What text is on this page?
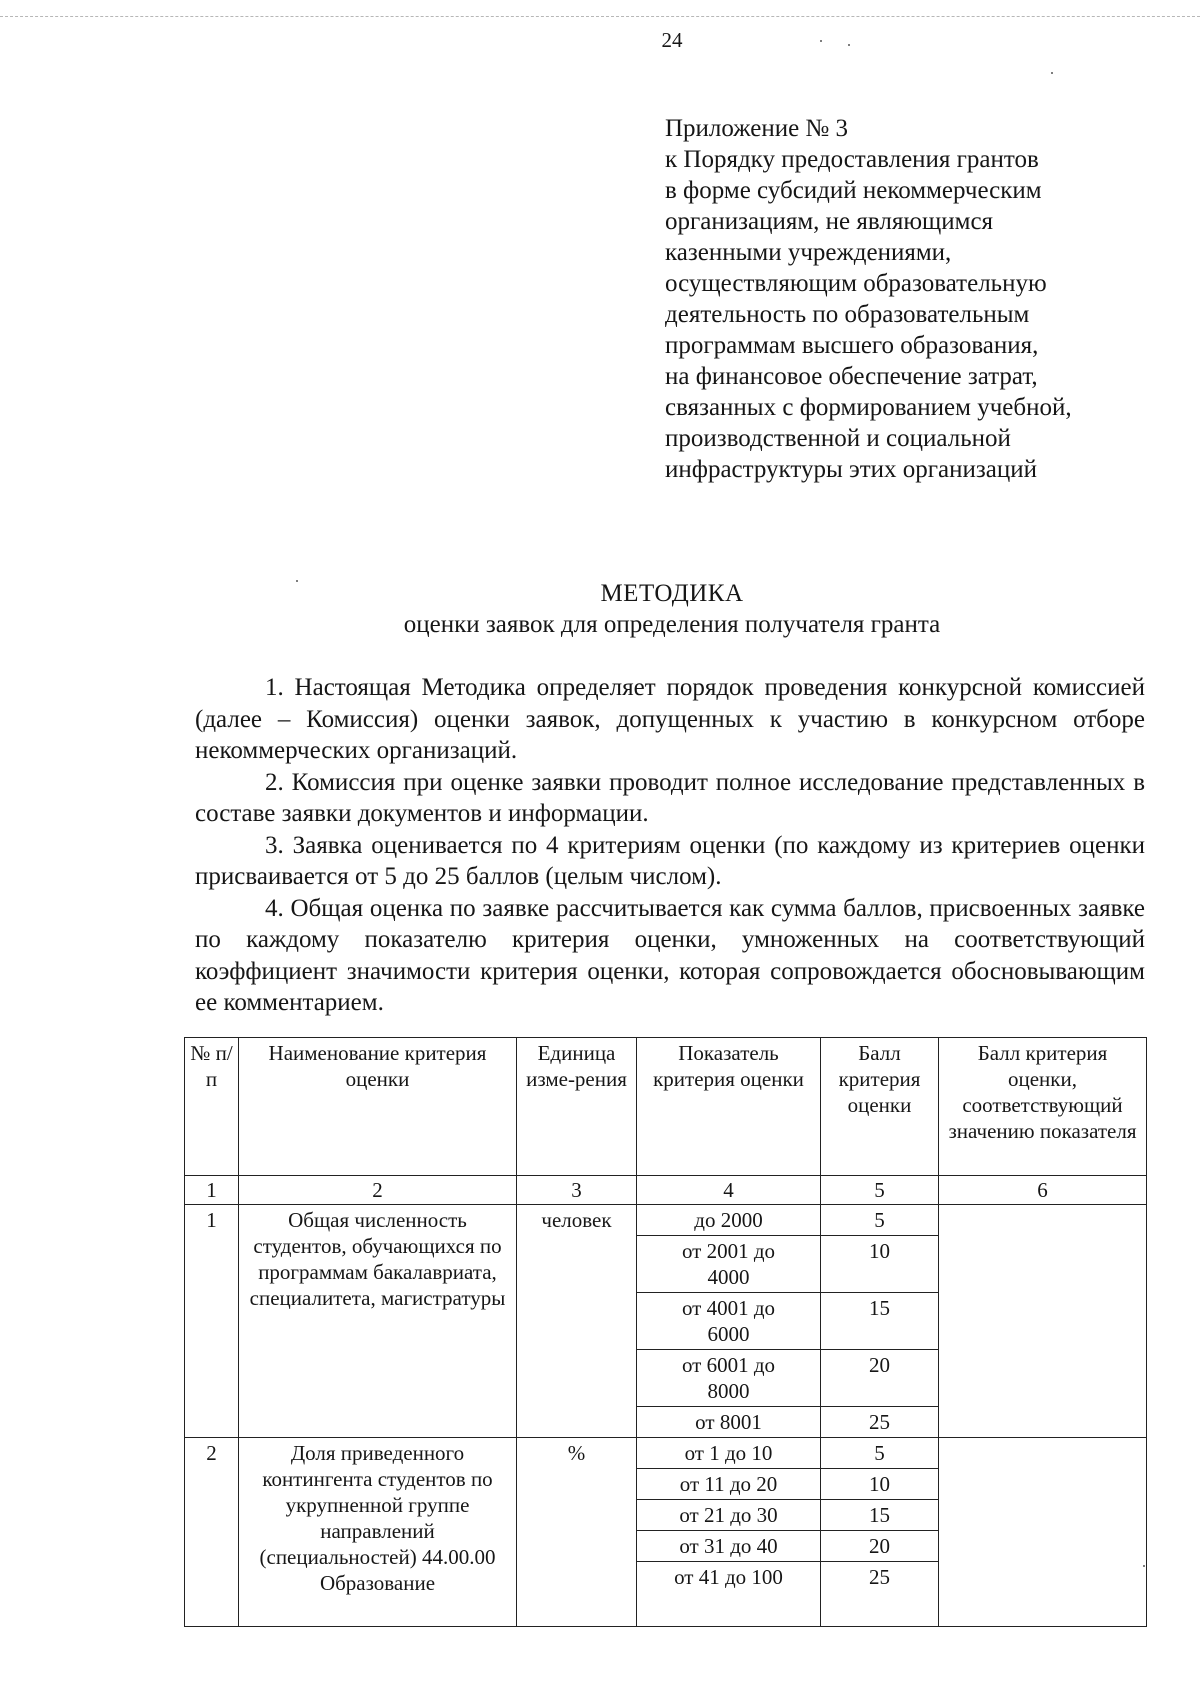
24
Приложение № 3
к Порядку предоставления грантов
в форме субсидий некоммерческим
организациям, не являющимся
казенными учреждениями,
осуществляющим образовательную
деятельность по образовательным
программам высшего образования,
на финансовое обеспечение затрат,
связанных с формированием учебной,
производственной и социальной
инфраструктуры этих организаций
МЕТОДИКА
оценки заявок для определения получателя гранта

1. Настоящая Методика определяет порядок проведения конкурсной комиссией (далее – Комиссия) оценки заявок, допущенных к участию в конкурсном отборе некоммерческих организаций.

2. Комиссия при оценке заявки проводит полное исследование представленных в составе заявки документов и информации.

3. Заявка оценивается по 4 критериям оценки (по каждому из критериев оценки присваивается от 5 до 25 баллов (целым числом).

4. Общая оценка по заявке рассчитывается как сумма баллов, присвоенных заявке по каждому показателю критерия оценки, умноженных на соответствующий коэффициент значимости критерия оценки, которая сопровождается обосновывающим ее комментарием.

№ п/п	Наименование критерия оценки	Единица изме-рения	Показатель критерия оценки	Балл критерия оценки	Балл критерия оценки, соответствующий значению показателя
1	2	3	4	5	6
1	Общая численность студентов, обучающихся по программам бакалавриата, специалитета, магистратуры	человек	до 2000	5	
			от 2001 до 4000	10	
			от 4001 до 6000	15	
			от 6001 до 8000	20	
			от 8001	25	
2	Доля приведенного контингента студентов по укрупненной группе направлений (специальностей) 44.00.00 Образование	%	от 1 до 10	5	
			от 11 до 20	10	
			от 21 до 30	15	
			от 31 до 40	20	
			от 41 до 100	25	
